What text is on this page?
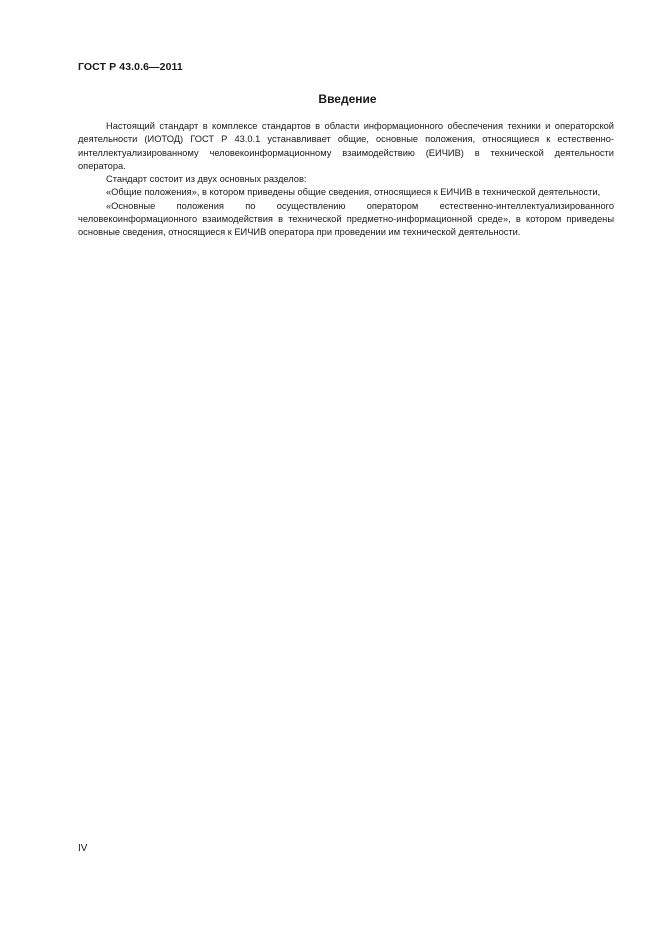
ГОСТ Р 43.0.6—2011
Введение

Настоящий стандарт в комплексе стандартов в области информационного обеспечения техники и операторской деятельности (ИОТОД) ГОСТ Р 43.0.1 устанавливает общие, основные положения, относящиеся к естественно-интеллектуализированному человекоинформационному взаимодействию (ЕИЧИВ) в технической деятельности оператора.

Стандарт состоит из двух основных разделов:

«Общие положения», в котором приведены общие сведения, относящиеся к ЕИЧИВ в технической деятельности,

«Основные положения по осуществлению оператором естественно-интеллектуализированного человекоинформационного взаимодействия в технической предметно-информационной среде», в котором приведены основные сведения, относящиеся к ЕИЧИВ оператора при проведении им технической деятельности.

IV
